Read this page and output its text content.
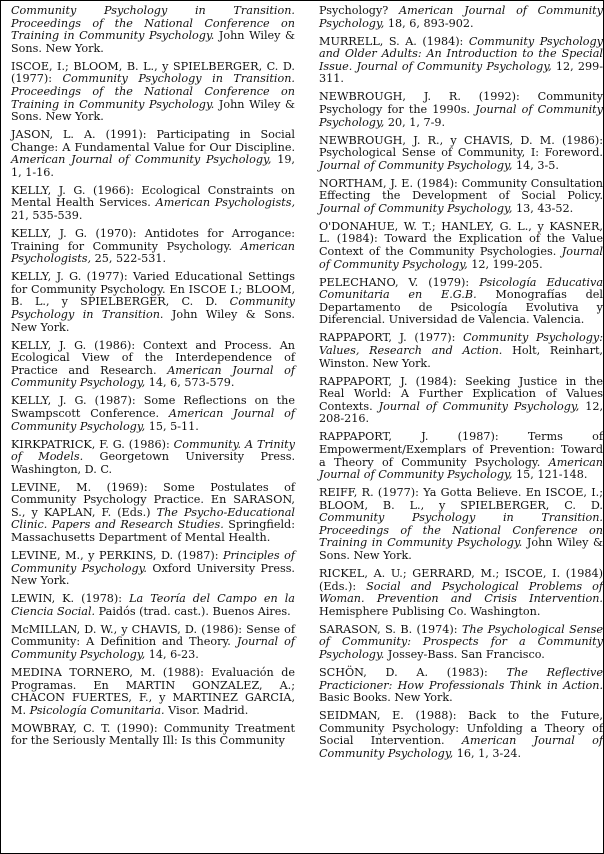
Community Psychology in Transition. Proceedings of the National Conference on Training in Community Psychology. John Wiley & Sons. New York.

ISCOE, I.; BLOOM, B. L., y SPIELBERGER, C. D. (1977): Community Psychology in Transition. Proceedings of the National Conference on Training in Community Psychology. John Wiley & Sons. New York.

JASON, L. A. (1991): Participating in Social Change: A Fundamental Value for Our Discipline. American Journal of Community Psychology, 19, 1, 1-16.

KELLY, J. G. (1966): Ecological Constraints on Mental Health Services. American Psychologists, 21, 535-539.

KELLY, J. G. (1970): Antidotes for Arrogance: Training for Community Psychology. American Psychologists, 25, 522-531.

KELLY, J. G. (1977): Varied Educational Settings for Community Psychology. En ISCOE I.; BLOOM, B. L., y SPIELBERGER, C. D. Community Psychology in Transition. John Wiley & Sons. New York.

KELLY, J. G. (1986): Context and Process. An Ecological View of the Interdependence of Practice and Research. American Journal of Community Psychology, 14, 6, 573-579.

KELLY, J. G. (1987): Some Reflections on the Swampscott Conference. American Journal of Community Psychology, 15, 5-11.

KIRKPATRICK, F. G. (1986): Community. A Trinity of Models. Georgetown University Press. Washington, D. C.

LEVINE, M. (1969): Some Postulates of Community Psychology Practice. En SARASON, S., y KAPLAN, F. (Eds.) The Psycho-Educational Clinic. Papers and Research Studies. Springfield: Massachusetts Department of Mental Health.

LEVINE, M., y PERKINS, D. (1987): Principles of Community Psychology. Oxford University Press. New York.

LEWIN, K. (1978): La Teoría del Campo en la Ciencia Social. Paidós (trad. cast.). Buenos Aires.

McMILLAN, D. W., y CHAVIS, D. (1986): Sense of Community: A Definition and Theory. Journal of Community Psychology, 14, 6-23.

MEDINA TORNERO, M. (1988): Evaluación de Programas. En MARTIN GONZALEZ, A.; CHACON FUERTES, F., y MARTINEZ GARCIA, M. Psicología Comunitaria. Visor. Madrid.

MOWBRAY, C. T. (1990): Community Treatment for the Seriously Mentally Ill: Is this Community

Psychology? American Journal of Community Psychology, 18, 6, 893-902.

MURRELL, S. A. (1984): Community Psychology and Older Adults: An Introduction to the Special Issue. Journal of Community Psychology, 12, 299-311.

NEWBROUGH, J. R. (1992): Community Psychology for the 1990s. Journal of Community Psychology, 20, 1, 7-9.

NEWBROUGH, J. R., y CHAVIS, D. M. (1986): Psychological Sense of Community, I: Foreword. Journal of Community Psychology, 14, 3-5.

NORTHAM, J. E. (1984): Community Consultation Effecting the Development of Social Policy. Journal of Community Psychology, 13, 43-52.

O'DONAHUE, W. T.; HANLEY, G. L., y KASNER, L. (1984): Toward the Explication of the Value Context of the Community Psychologies. Journal of Community Psychology, 12, 199-205.

PELECHANO, V. (1979): Psicología Educativa Comunitaria en E.G.B. Monografías del Departamento de Psicología Evolutiva y Diferencial. Universidad de Valencia. Valencia.

RAPPAPORT, J. (1977): Community Psychology: Values, Research and Action. Holt, Reinhart, Winston. New York.

RAPPAPORT, J. (1984): Seeking Justice in the Real World: A Further Explication of Values Contexts. Journal of Community Psychology, 12, 208-216.

RAPPAPORT, J. (1987): Terms of Empowerment/Exemplars of Prevention: Toward a Theory of Community Psychology. American Journal of Community Psychology, 15, 121-148.

REIFF, R. (1977): Ya Gotta Believe. En ISCOE, I.; BLOOM, B. L., y SPIELBERGER, C. D. Community Psychology in Transition. Proceedings of the National Conference on Training in Community Psychology. John Wiley & Sons. New York.

RICKEL, A. U.; GERRARD, M.; ISCOE, I. (1984) (Eds.): Social and Psychological Problems of Woman. Prevention and Crisis Intervention. Hemisphere Publising Co. Washington.

SARASON, S. B. (1974): The Psychological Sense of Community: Prospects for a Community Psychology. Jossey-Bass. San Francisco.

SCHÖN, D. A. (1983): The Reflective Practicioner: How Professionals Think in Action. Basic Books. New York.

SEIDMAN, E. (1988): Back to the Future, Community Psychology: Unfolding a Theory of Social Intervention. American Journal of Community Psychology, 16, 1, 3-24.
